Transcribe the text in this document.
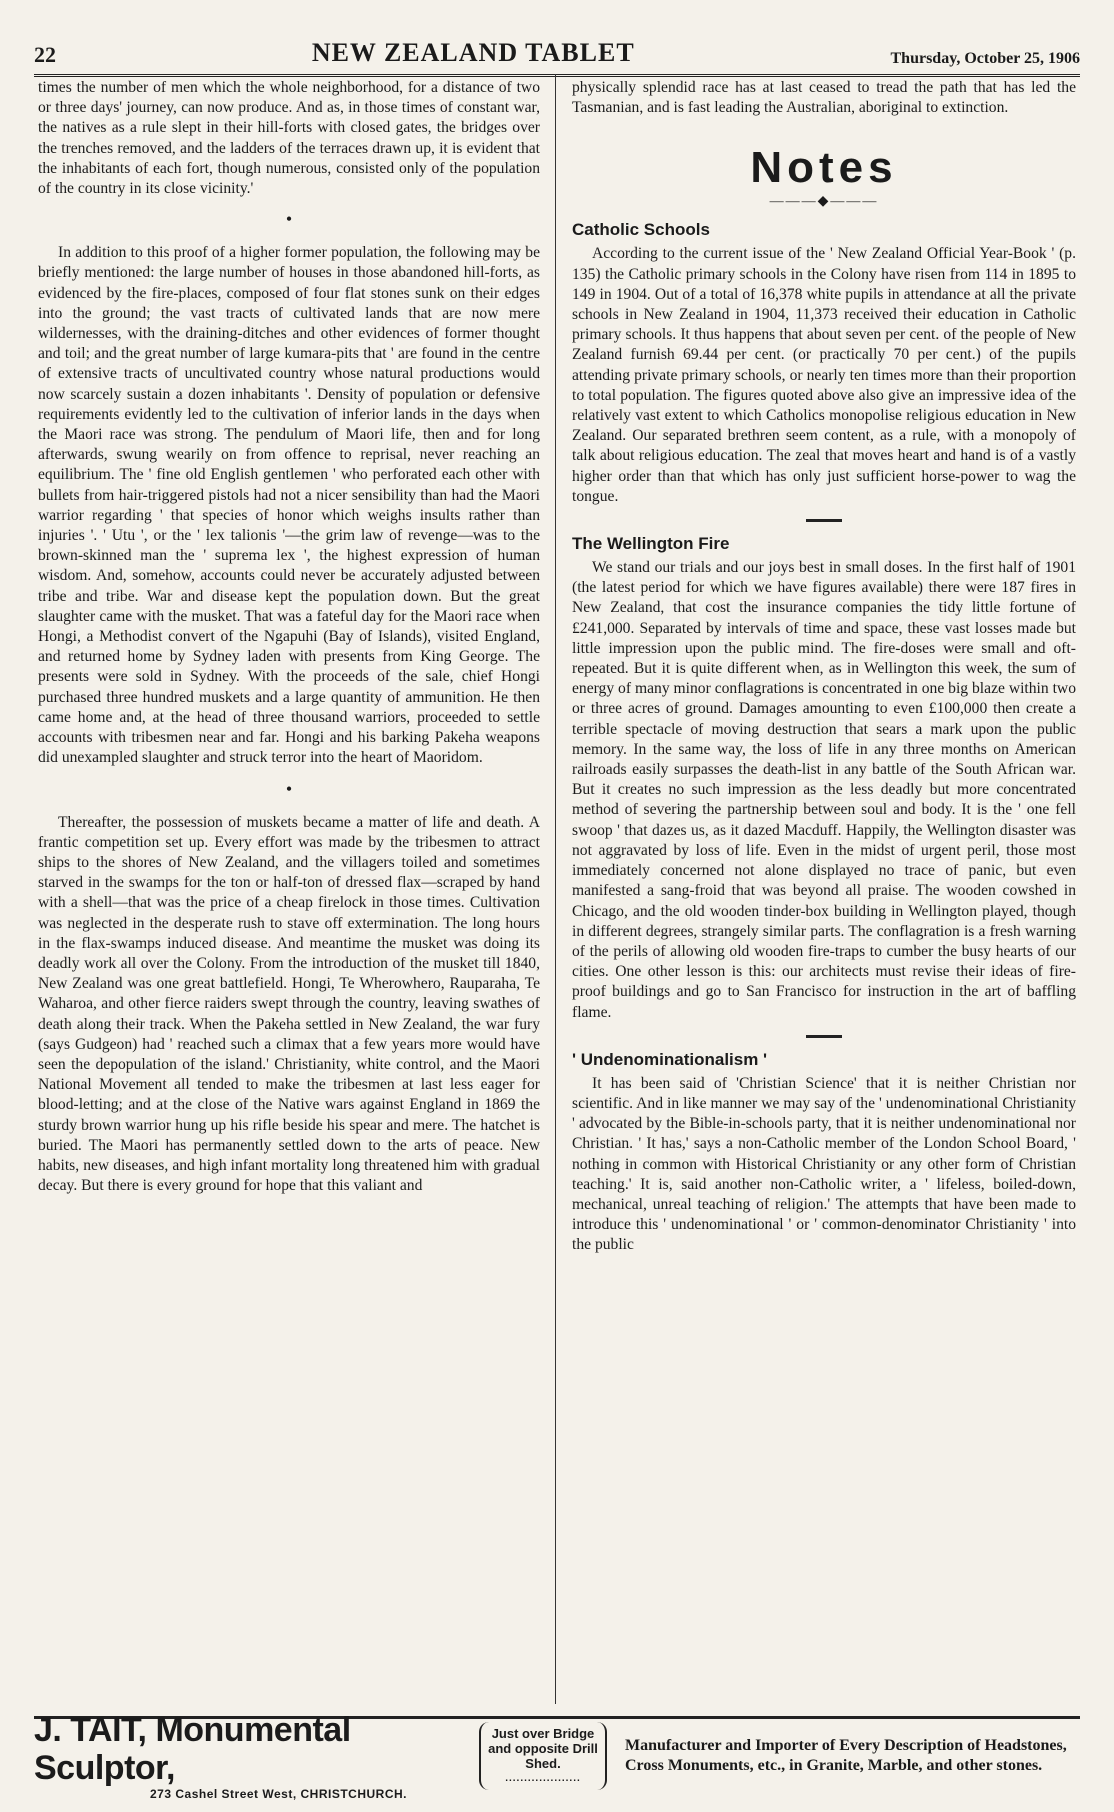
22	NEW ZEALAND TABLET	Thursday, October 25, 1906

times the number of men which the whole neighborhood, for a distance of two or three days' journey, can now produce. And as, in those times of constant war, the natives as a rule slept in their hill-forts with closed gates, the bridges over the trenches removed, and the ladders of the terraces drawn up, it is evident that the inhabitants of each fort, though numerous, consisted only of the population of the country in its close vicinity.'

•

In addition to this proof of a higher former population, the following may be briefly mentioned: the large number of houses in those abandoned hill-forts, as evidenced by the fire-places, composed of four flat stones sunk on their edges into the ground; the vast tracts of cultivated lands that are now mere wildernesses, with the draining-ditches and other evidences of former thought and toil; and the great number of large kumara-pits that ' are found in the centre of extensive tracts of uncultivated country whose natural productions would now scarcely sustain a dozen inhabitants '. Density of population or defensive requirements evidently led to the cultivation of inferior lands in the days when the Maori race was strong. The pendulum of Maori life, then and for long afterwards, swung wearily on from offence to reprisal, never reaching an equilibrium. The ' fine old English gentlemen ' who perforated each other with bullets from hair-triggered pistols had not a nicer sensibility than had the Maori warrior regarding ' that species of honor which weighs insults rather than injuries '. ' Utu ', or the ' lex talionis '—the grim law of revenge—was to the brown-skinned man the ' suprema lex ', the highest expression of human wisdom. And, somehow, accounts could never be accurately adjusted between tribe and tribe. War and disease kept the population down. But the great slaughter came with the musket. That was a fateful day for the Maori race when Hongi, a Methodist convert of the Ngapuhi (Bay of Islands), visited England, and returned home by Sydney laden with presents from King George. The presents were sold in Sydney. With the proceeds of the sale, chief Hongi purchased three hundred muskets and a large quantity of ammunition. He then came home and, at the head of three thousand warriors, proceeded to settle accounts with tribesmen near and far. Hongi and his barking Pakeha weapons did unexampled slaughter and struck terror into the heart of Maoridom.

•

Thereafter, the possession of muskets became a matter of life and death. A frantic competition set up. Every effort was made by the tribesmen to attract ships to the shores of New Zealand, and the villagers toiled and sometimes starved in the swamps for the ton or half-ton of dressed flax—scraped by hand with a shell—that was the price of a cheap firelock in those times. Cultivation was neglected in the desperate rush to stave off extermination. The long hours in the flax-swamps induced disease. And meantime the musket was doing its deadly work all over the Colony. From the introduction of the musket till 1840, New Zealand was one great battlefield. Hongi, Te Wherowhero, Rauparaha, Te Waharoa, and other fierce raiders swept through the country, leaving swathes of death along their track. When the Pakeha settled in New Zealand, the war fury (says Gudgeon) had ' reached such a climax that a few years more would have seen the depopulation of the island.' Christianity, white control, and the Maori National Movement all tended to make the tribesmen at last less eager for blood-letting; and at the close of the Native wars against England in 1869 the sturdy brown warrior hung up his rifle beside his spear and mere. The hatchet is buried. The Maori has permanently settled down to the arts of peace. New habits, new diseases, and high infant mortality long threatened him with gradual decay. But there is every ground for hope that this valiant and

physically splendid race has at last ceased to tread the path that has led the Tasmanian, and is fast leading the Australian, aboriginal to extinction.

Notes
———◆———
Catholic Schools

According to the current issue of the ' New Zealand Official Year-Book ' (p. 135) the Catholic primary schools in the Colony have risen from 114 in 1895 to 149 in 1904. Out of a total of 16,378 white pupils in attendance at all the private schools in New Zealand in 1904, 11,373 received their education in Catholic primary schools. It thus happens that about seven per cent. of the people of New Zealand furnish 69.44 per cent. (or practically 70 per cent.) of the pupils attending private primary schools, or nearly ten times more than their proportion to total population. The figures quoted above also give an impressive idea of the relatively vast extent to which Catholics monopolise religious education in New Zealand. Our separated brethren seem content, as a rule, with a monopoly of talk about religious education. The zeal that moves heart and hand is of a vastly higher order than that which has only just sufficient horse-power to wag the tongue.

The Wellington Fire

We stand our trials and our joys best in small doses. In the first half of 1901 (the latest period for which we have figures available) there were 187 fires in New Zealand, that cost the insurance companies the tidy little fortune of £241,000. Separated by intervals of time and space, these vast losses made but little impression upon the public mind. The fire-doses were small and oft-repeated. But it is quite different when, as in Wellington this week, the sum of energy of many minor conflagrations is concentrated in one big blaze within two or three acres of ground. Damages amounting to even £100,000 then create a terrible spectacle of moving destruction that sears a mark upon the public memory. In the same way, the loss of life in any three months on American railroads easily surpasses the death-list in any battle of the South African war. But it creates no such impression as the less deadly but more concentrated method of severing the partnership between soul and body. It is the ' one fell swoop ' that dazes us, as it dazed Macduff. Happily, the Wellington disaster was not aggravated by loss of life. Even in the midst of urgent peril, those most immediately concerned not alone displayed no trace of panic, but even manifested a sang-froid that was beyond all praise. The wooden cowshed in Chicago, and the old wooden tinder-box building in Wellington played, though in different degrees, strangely similar parts. The conflagration is a fresh warning of the perils of allowing old wooden fire-traps to cumber the busy hearts of our cities. One other lesson is this: our architects must revise their ideas of fire-proof buildings and go to San Francisco for instruction in the art of baffling flame.

' Undenominationalism '

It has been said of 'Christian Science' that it is neither Christian nor scientific. And in like manner we may say of the ' undenominational Christianity ' advocated by the Bible-in-schools party, that it is neither undenominational nor Christian. ' It has,' says a non-Catholic member of the London School Board, ' nothing in common with Historical Christianity or any other form of Christian teaching.' It is, said another non-Catholic writer, a ' lifeless, boiled-down, mechanical, unreal teaching of religion.' The attempts that have been made to introduce this ' undenominational ' or ' common-denominator Christianity ' into the public

J. TAIT, Monumental Sculptor,
273 Cashel Street West, CHRISTCHURCH.
Just over Bridge and opposite Drill Shed.
....................
Manufacturer and Importer of Every Description of Headstones, Cross Monuments, etc., in Granite, Marble, and other stones.
